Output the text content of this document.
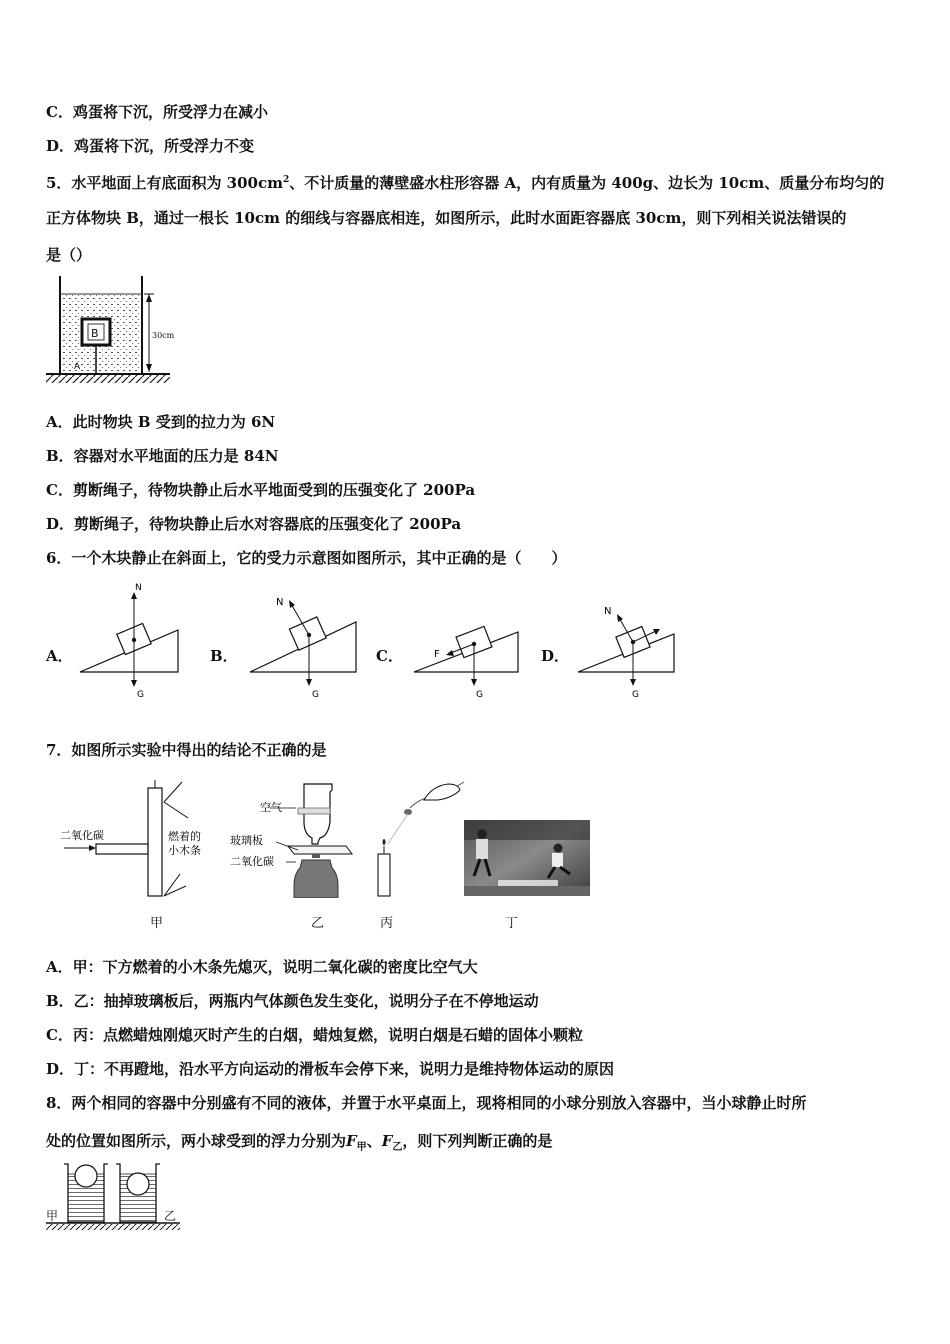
C．鸡蛋将下沉，所受浮力在减小
D．鸡蛋将下沉，所受浮力不变
5．水平地面上有底面积为 $300cm^2$、不计质量的薄壁盛水柱形容器 A，内有质量为 400g、边长为 10cm、质量分布均匀的
正方体物块 B，通过一根长 10cm 的细线与容器底相连，如图所示，此时水面距容器底 30cm，则下列相关说法错误的
是（）
B
A
30cm
A．此时物块 B 受到的拉力为 6N
B．容器对水平地面的压力是 84N
C．剪断绳子，待物块静止后水平地面受到的压强变化了 200Pa
D．剪断绳子，待物块静止后水对容器底的压强变化了 200Pa
6．一个木块静止在斜面上，它的受力示意图如图所示，其中正确的是（　　）
A．	B．	C．	D．
N
G
N
G
F
G
N
G
7．如图所示实验中得出的结论不正确的是
二氧化碳	燃着的
小木条
空气
玻璃板
二氧化碳
甲	乙	丙	丁
A．甲：下方燃着的小木条先熄灭，说明二氧化碳的密度比空气大
B．乙：抽掉玻璃板后，两瓶内气体颜色发生变化，说明分子在不停地运动
C．丙：点燃蜡烛刚熄灭时产生的白烟，蜡烛复燃，说明白烟是石蜡的固体小颗粒
D．丁：不再蹬地，沿水平方向运动的滑板车会停下来，说明力是维持物体运动的原因
8．两个相同的容器中分别盛有不同的液体，并置于水平桌面上，现将相同的小球分别放入容器中，当小球静止时所
处的位置如图所示，两小球受到的浮力分别为$F_甲$、$F_乙$，则下列判断正确的是
甲	乙
